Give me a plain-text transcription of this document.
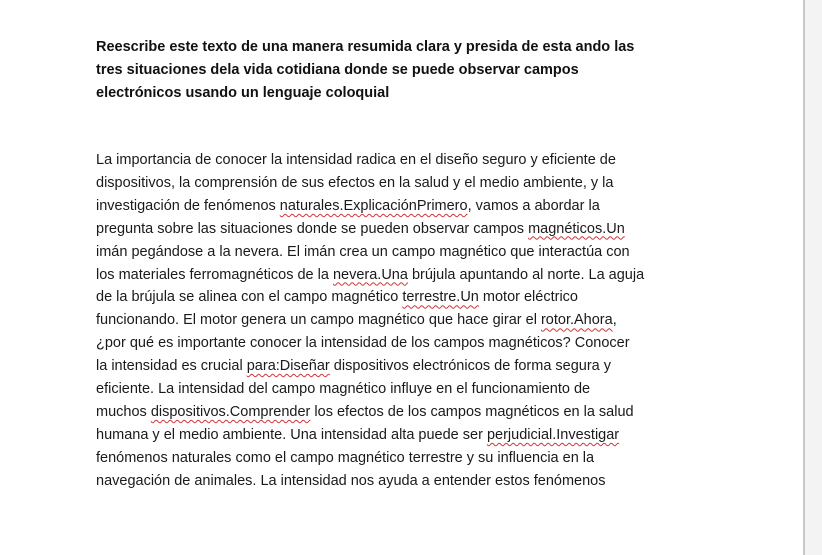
Reescribe este texto de una manera resumida clara y presida de esta ando las
tres situaciones dela vida cotidiana donde se puede observar campos
electrónicos usando un lenguaje coloquial
La importancia de conocer la intensidad radica en el diseño seguro y eficiente de
dispositivos, la comprensión de sus efectos en la salud y el medio ambiente, y la
investigación de fenómenos naturales.ExplicaciónPrimero, vamos a abordar la
pregunta sobre las situaciones donde se pueden observar campos magnéticos.Un
imán pegándose a la nevera. El imán crea un campo magnético que interactúa con
los materiales ferromagnéticos de la nevera.Una brújula apuntando al norte. La aguja
de la brújula se alinea con el campo magnético terrestre.Un motor eléctrico
funcionando. El motor genera un campo magnético que hace girar el rotor.Ahora,
¿por qué es importante conocer la intensidad de los campos magnéticos? Conocer
la intensidad es crucial para:Diseñar dispositivos electrónicos de forma segura y
eficiente. La intensidad del campo magnético influye en el funcionamiento de
muchos dispositivos.Comprender los efectos de los campos magnéticos en la salud
humana y el medio ambiente. Una intensidad alta puede ser perjudicial.Investigar
fenómenos naturales como el campo magnético terrestre y su influencia en la
navegación de animales. La intensidad nos ayuda a entender estos fenómenos
